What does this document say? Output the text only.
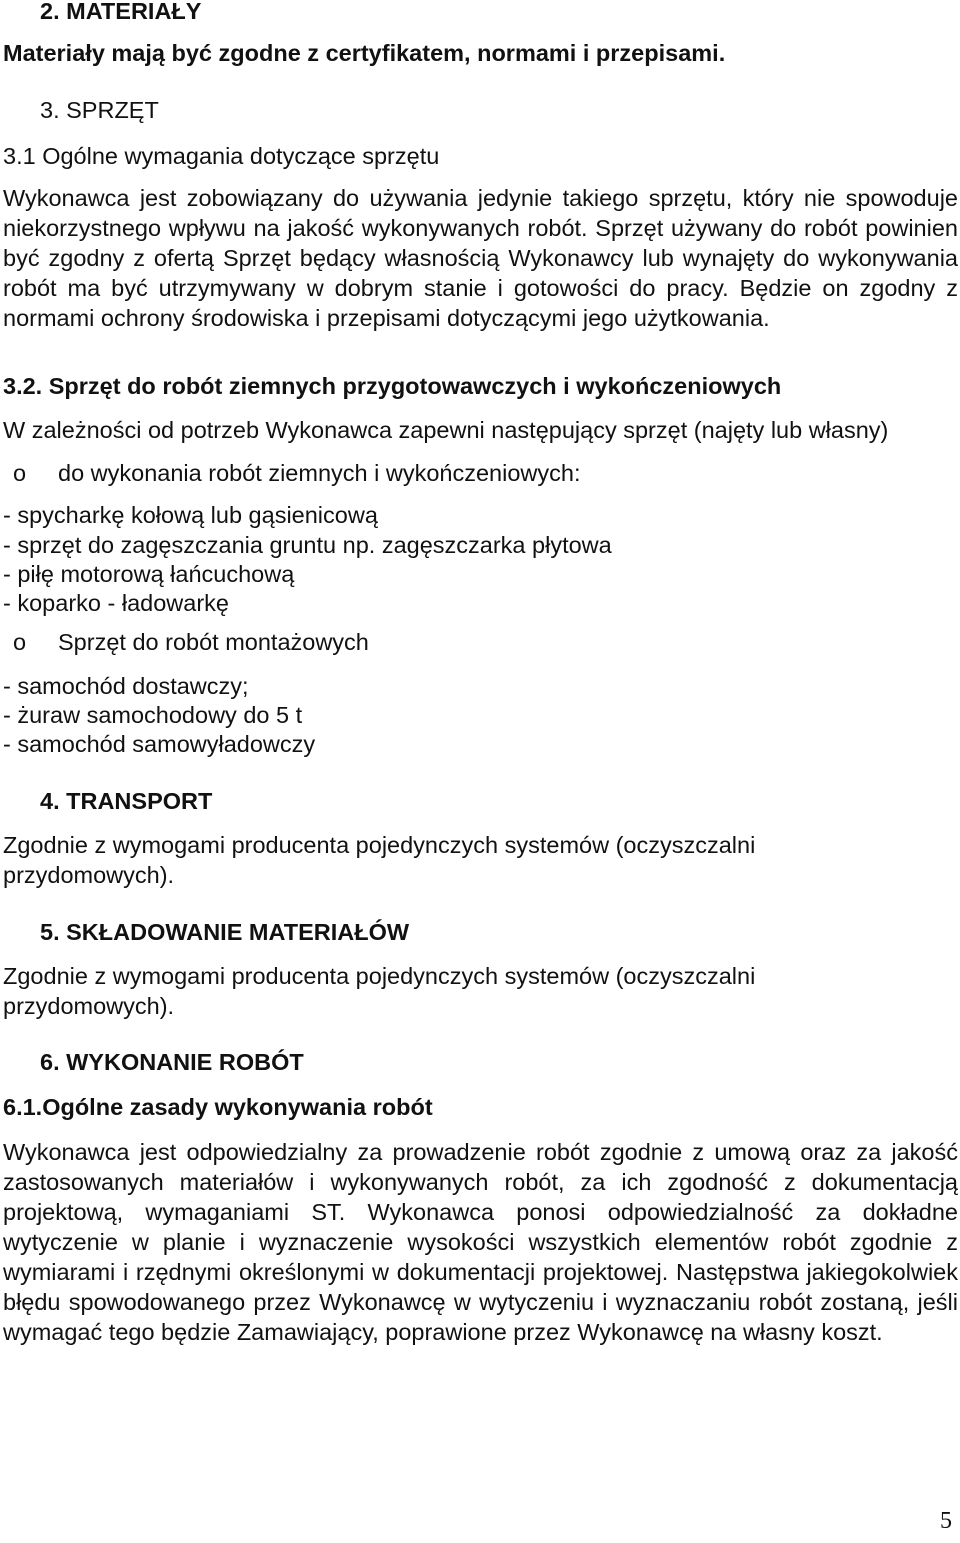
2. MATERIAŁY
Materiały mają być zgodne z certyfikatem, normami i przepisami.
3. SPRZĘT
3.1 Ogólne wymagania dotyczące sprzętu
Wykonawca jest zobowiązany do używania jedynie takiego sprzętu, który nie spowoduje niekorzystnego wpływu na jakość wykonywanych robót. Sprzęt używany do robót powinien być zgodny z ofertą Sprzęt będący własnością Wykonawcy lub wynajęty do wykonywania robót ma być utrzymywany w dobrym stanie i gotowości do pracy. Będzie on zgodny z normami ochrony środowiska i przepisami dotyczącymi jego użytkowania.
3.2. Sprzęt do robót ziemnych przygotowawczych i wykończeniowych
W zależności od potrzeb Wykonawca zapewni następujący sprzęt (najęty lub własny)
o do wykonania robót ziemnych i wykończeniowych:
- spycharkę kołową lub gąsienicową
- sprzęt do zagęszczania gruntu np. zagęszczarka płytowa
- piłę motorową łańcuchową
- koparko - ładowarkę
o Sprzęt do robót montażowych
- samochód dostawczy;
- żuraw samochodowy do 5 t
- samochód samowyładowczy
4. TRANSPORT
Zgodnie z wymogami producenta pojedynczych systemów (oczyszczalni
przydomowych).
5. SKŁADOWANIE MATERIAŁÓW
Zgodnie z wymogami producenta pojedynczych systemów (oczyszczalni
przydomowych).
6. WYKONANIE ROBÓT
6.1.Ogólne zasady wykonywania robót
Wykonawca jest odpowiedzialny za prowadzenie robót zgodnie z umową oraz za jakość zastosowanych materiałów i wykonywanych robót, za ich zgodność z dokumentacją projektową, wymaganiami ST. Wykonawca ponosi odpowiedzialność za dokładne wytyczenie w planie i wyznaczenie wysokości wszystkich elementów robót zgodnie z wymiarami i rzędnymi określonymi w dokumentacji projektowej. Następstwa jakiegokolwiek błędu spowodowanego przez Wykonawcę w wytyczeniu i wyznaczaniu robót zostaną, jeśli wymagać tego będzie Zamawiający, poprawione przez Wykonawcę na własny koszt.
5
